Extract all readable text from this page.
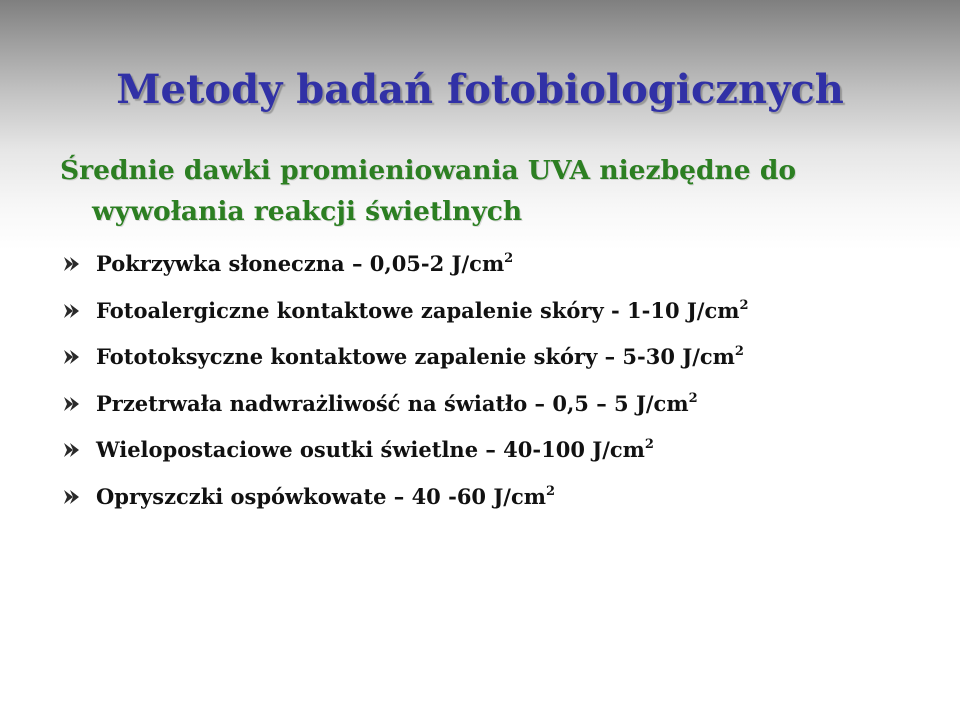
Metody badań fotobiologicznych

Średnie dawki promieniowania UVA niezbędne do wywołania reakcji świetlnych

Pokrzywka słoneczna – 0,05-2 $J/cm^2$
Fotoalergiczne kontaktowe zapalenie skóry - 1-10 $J/cm^2$
Fototoksyczne kontaktowe zapalenie skóry – 5-30 $J/cm^2$
Przetrwała nadwrażliwość na światło – 0,5 – 5 $J/cm^2$
Wielopostaciowe osutki świetlne – 40-100 $J/cm^2$
Opryszczki ospówkowate – 40 -60 $J/cm^2$
